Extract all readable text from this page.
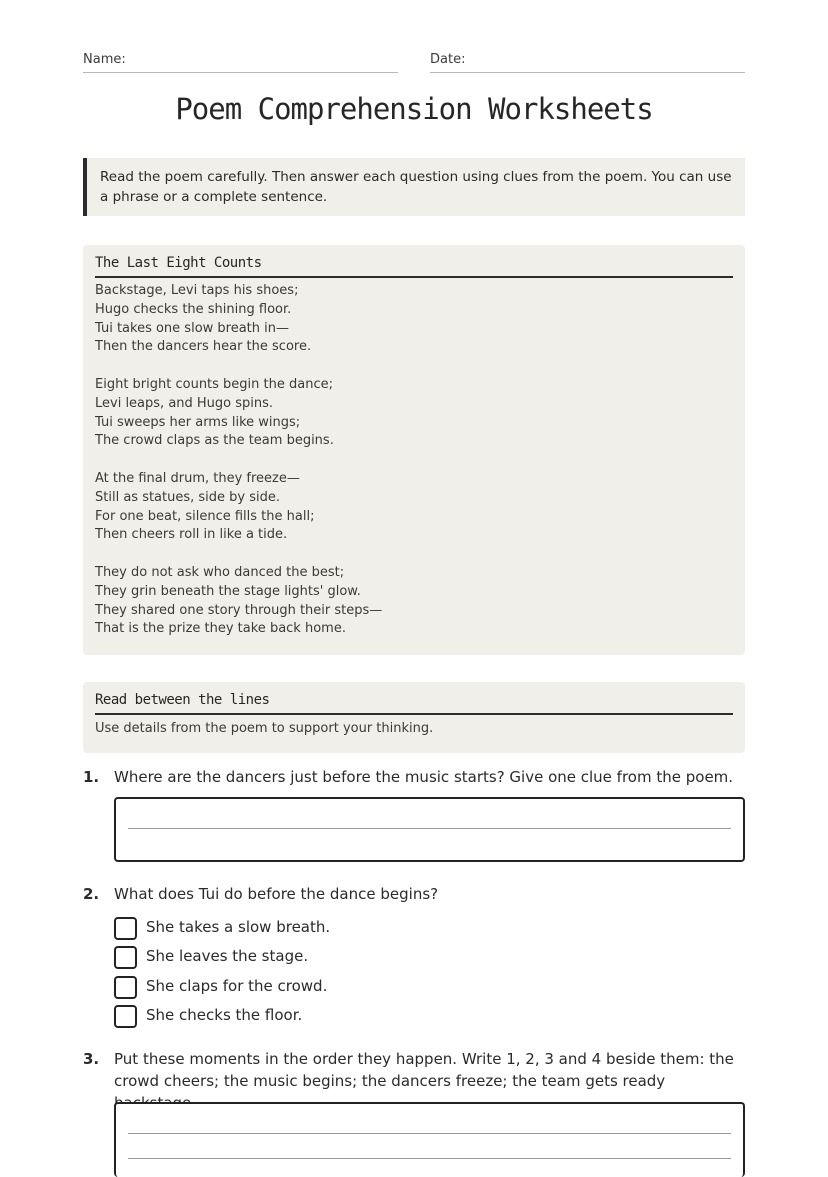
Name:	Date:
Poem Comprehension Worksheets
Read the poem carefully. Then answer each question using clues from the poem. You can use a phrase or a complete sentence.
The Last Eight Counts
Backstage, Levi taps his shoes;
Hugo checks the shining floor.
Tui takes one slow breath in—
Then the dancers hear the score.
Eight bright counts begin the dance;
Levi leaps, and Hugo spins.
Tui sweeps her arms like wings;
The crowd claps as the team begins.
At the final drum, they freeze—
Still as statues, side by side.
For one beat, silence fills the hall;
Then cheers roll in like a tide.
They do not ask who danced the best;
They grin beneath the stage lights' glow.
They shared one story through their steps—
That is the prize they take back home.
Read between the lines
Use details from the poem to support your thinking.
1. Where are the dancers just before the music starts? Give one clue from the poem.
2. What does Tui do before the dance begins?
She takes a slow breath.
She leaves the stage.
She claps for the crowd.
She checks the floor.
3. Put these moments in the order they happen. Write 1, 2, 3 and 4 beside them: the crowd cheers; the music begins; the dancers freeze; the team gets ready
